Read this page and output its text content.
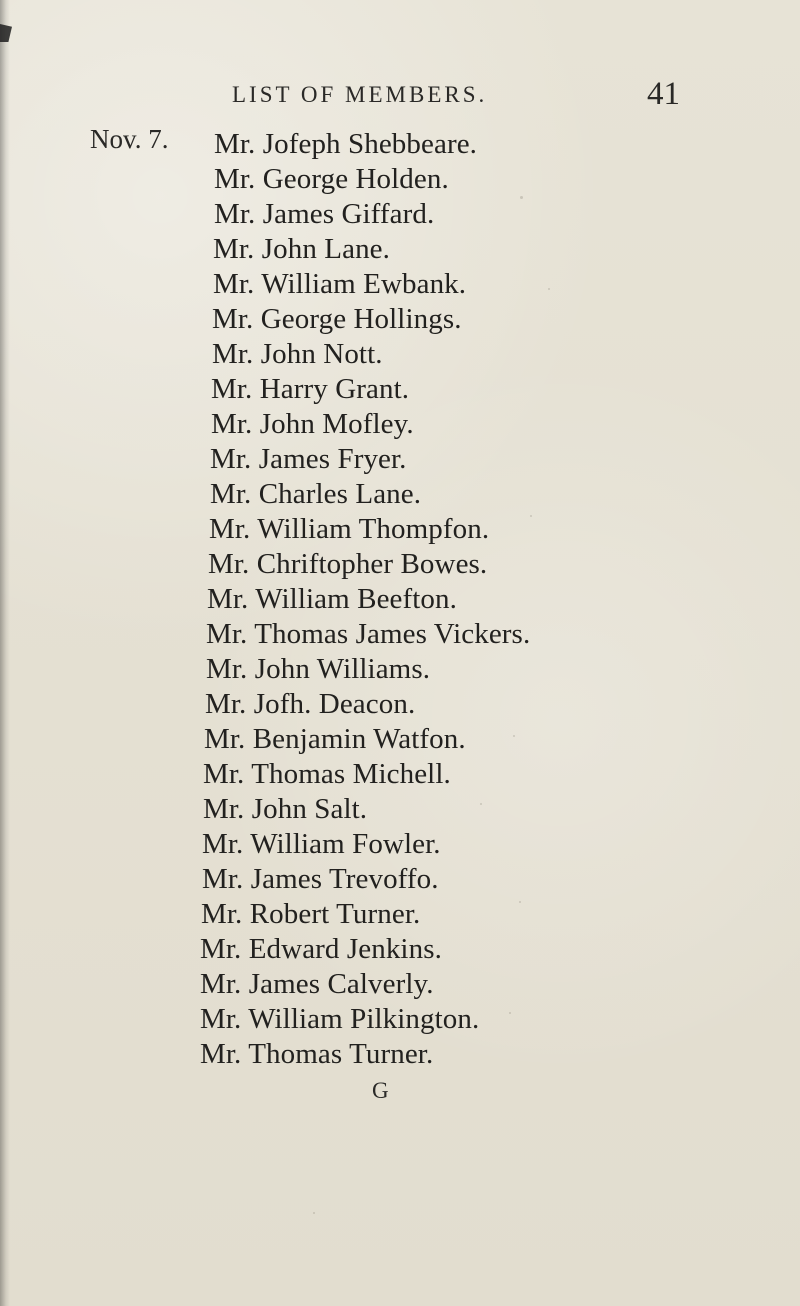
LIST OF MEMBERS.	41
Nov. 7. Mr. Jofeph Shebbeare.
Mr. George Holden.
Mr. James Giffard.
Mr. John Lane.
Mr. William Ewbank.
Mr. George Hollings.
Mr. John Nott.
Mr. Harry Grant.
Mr. John Mofley.
Mr. James Fryer.
Mr. Charles Lane.
Mr. William Thompfon.
Mr. Chriftopher Bowes.
Mr. William Beefton.
Mr. Thomas James Vickers.
Mr. John Williams.
Mr. Jofh. Deacon.
Mr. Benjamin Watfon.
Mr. Thomas Michell.
Mr. John Salt.
Mr. William Fowler.
Mr. James Trevoffo.
Mr. Robert Turner.
Mr. Edward Jenkins.
Mr. James Calverly.
Mr. William Pilkington.
Mr. Thomas Turner.
G
